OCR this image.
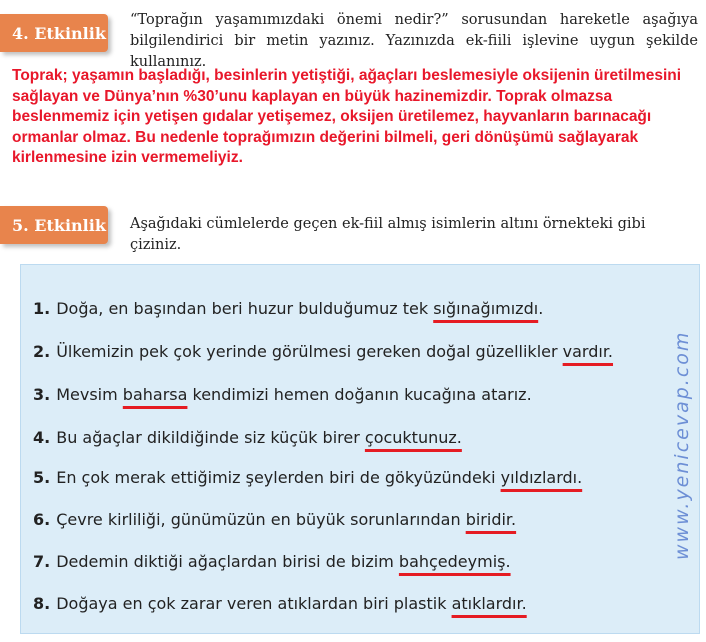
4. Etkinlik
“Toprağın yaşamımızdaki önemi nedir?” sorusundan hareketle aşağıya bilgilendirici bir metin yazınız. Yazınızda ek-fiili işlevine uygun şekilde kullanınız.
Toprak; yaşamın başladığı, besinlerin yetiştiği, ağaçları beslemesiyle oksijenin üretilmesini sağlayan ve Dünya’nın %30’unu kaplayan en büyük hazinemizdir. Toprak olmazsa beslenmemiz için yetişen gıdalar yetişemez, oksijen üretilemez, hayvanların barınacağı ormanlar olmaz. Bu nedenle toprağımızın değerini bilmeli, geri dönüşümü sağlayarak kirlenmesine izin vermemeliyiz.
5. Etkinlik Aşağıdaki cümlelerde geçen ek-fiil almış isimlerin altını örnekteki gibi çiziniz.
1. Doğa, en başından beri huzur bulduğumuz tek sığınağımızdı.
2. Ülkemizin pek çok yerinde görülmesi gereken doğal güzellikler vardır.
3. Mevsim baharsa kendimizi hemen doğanın kucağına atarız.
4. Bu ağaçlar dikildiğinde siz küçük birer çocuktunuz.
5. En çok merak ettiğimiz şeylerden biri de gökyüzündeki yıldızlardı.
6. Çevre kirliliği, günümüzün en büyük sorunlarından biridir.
7. Dedemin diktiği ağaçlardan birisi de bizim bahçedeymiş.
8. Doğaya en çok zarar veren atıklardan biri plastik atıklardır.
www.yenicevap.com
